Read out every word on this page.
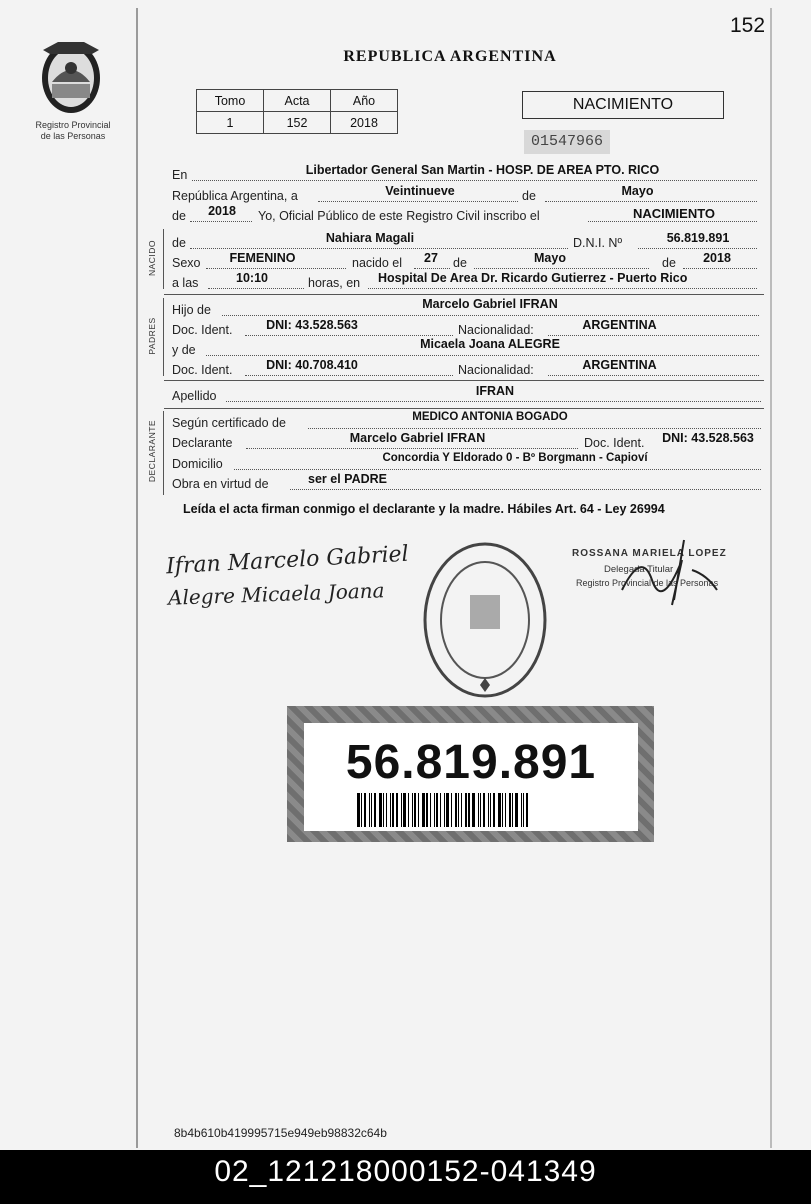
Registro Provincial
de las Personas
152
REPUBLICA ARGENTINA
Tomo	Acta	Año
1	152	2018
NACIMIENTO
01547966
En	Libertador General San Martin - HOSP. DE AREA PTO. RICO
República Argentina, a	Veintinueve	de	Mayo
de	2018	Yo, Oficial Público de este Registro Civil inscribo el	NACIMIENTO
NACIDO de	Nahiara Magali	D.N.I. Nº	56.819.891
Sexo	FEMENINO	nacido el	27	de	Mayo	de	2018
a las	10:10	horas, en Hospital De Area Dr. Ricardo Gutierrez - Puerto Rico
PADRES
Hijo de	Marcelo Gabriel IFRAN
Doc. Ident.	DNI: 43.528.563	Nacionalidad:	ARGENTINA
y de	Micaela Joana ALEGRE
Doc. Ident.	DNI: 40.708.410	Nacionalidad:	ARGENTINA
Apellido	IFRAN
DECLARANTE Según certificado de	MEDICO ANTONIA BOGADO
Declarante	Marcelo Gabriel IFRAN	Doc. Ident.	DNI: 43.528.563
Domicilio	Concordia Y Eldorado 0 - Bº Borgmann - Capioví
Obra en virtud de	ser el PADRE
Leída el acta firman conmigo el declarante y la madre. Hábiles Art. 64 - Ley 26994
Ifran Marcelo Gabriel
Alegre Micaela Joana
ROSSANA MARIELA LOPEZ
Delegada Titular
Registro Provincial de las Personas
56.819.891
8b4b610b419995715e949eb98832c64b
02_121218000152-041349
